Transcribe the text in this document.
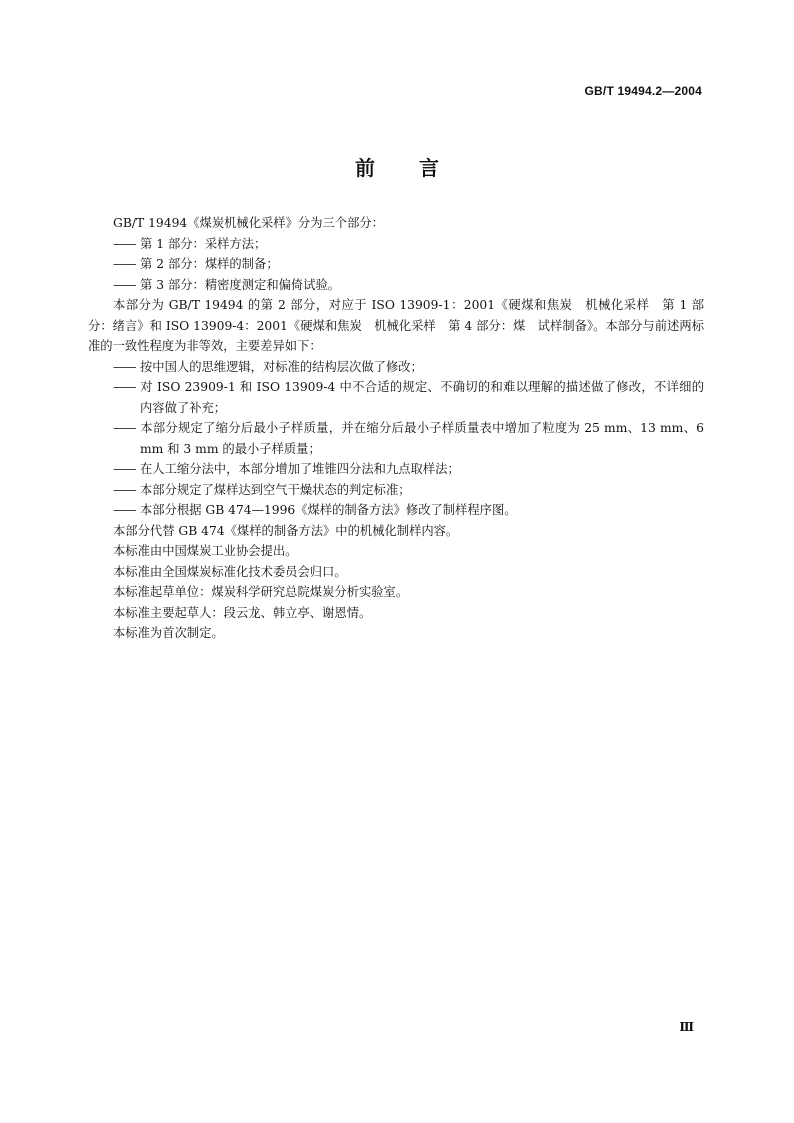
GB/T 19494.2—2004
前 言

GB/T 19494《煤炭机械化采样》分为三个部分：

—— 第 1 部分：采样方法；

—— 第 2 部分：煤样的制备；

—— 第 3 部分：精密度测定和偏倚试验。

本部分为 GB/T 19494 的第 2 部分，对应于 ISO 13909-1：2001《硬煤和焦炭　机械化采样　第 1 部分：绪言》和 ISO 13909-4：2001《硬煤和焦炭　机械化采样　第 4 部分：煤　试样制备》。本部分与前述两标准的一致性程度为非等效，主要差异如下：

—— 按中国人的思维逻辑，对标准的结构层次做了修改；

—— 对 ISO 23909-1 和 ISO 13909-4 中不合适的规定、不确切的和难以理解的描述做了修改，不详细的内容做了补充；

—— 本部分规定了缩分后最小子样质量，并在缩分后最小子样质量表中增加了粒度为 25 mm、13 mm、6 mm 和 3 mm 的最小子样质量；

—— 在人工缩分法中，本部分增加了堆锥四分法和九点取样法；

—— 本部分规定了煤样达到空气干燥状态的判定标准；

—— 本部分根据 GB 474—1996《煤样的制备方法》修改了制样程序图。

本部分代替 GB 474《煤样的制备方法》中的机械化制样内容。

本标准由中国煤炭工业协会提出。

本标准由全国煤炭标准化技术委员会归口。

本标准起草单位：煤炭科学研究总院煤炭分析实验室。

本标准主要起草人：段云龙、韩立亭、谢恩情。

本标准为首次制定。

Ⅲ
